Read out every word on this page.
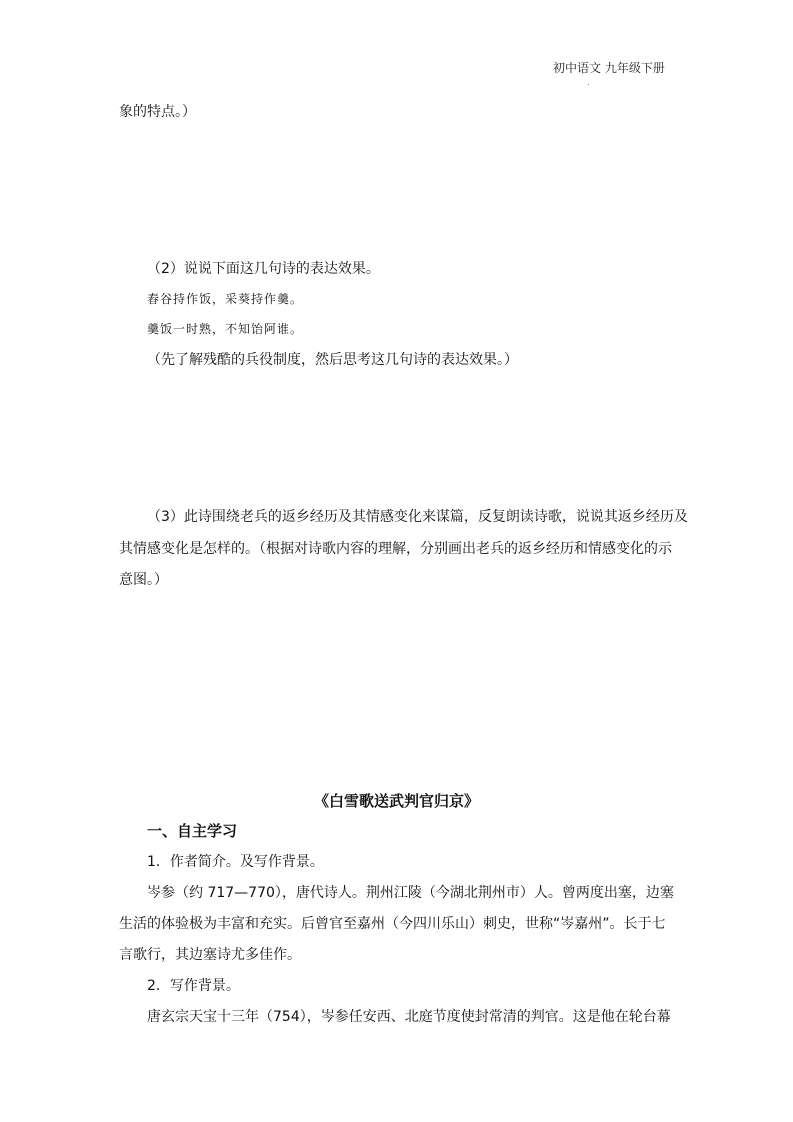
初中语文 九年级下册
象的特点。）
（2）说说下面这几句诗的表达效果。
舂谷持作饭，采葵持作羹。
羹饭一时熟，不知饴阿谁。
（先了解残酷的兵役制度，然后思考这几句诗的表达效果。）
（3）此诗围绕老兵的返乡经历及其情感变化来谋篇，反复朗读诗歌，说说其返乡经历及
其情感变化是怎样的。（根据对诗歌内容的理解，分别画出老兵的返乡经历和情感变化的示
意图。）
《白雪歌送武判官归京》
一、自主学习
1．作者简介。及写作背景。
岑参（约 717—770），唐代诗人。荆州江陵（今湖北荆州市）人。曾两度出塞，边塞
生活的体验极为丰富和充实。后曾官至嘉州（今四川乐山）刺史，世称“岑嘉州”。长于七
言歌行，其边塞诗尤多佳作。
2．写作背景。
唐玄宗天宝十三年（754），岑参任安西、北庭节度使封常清的判官。这是他在轮台幕
